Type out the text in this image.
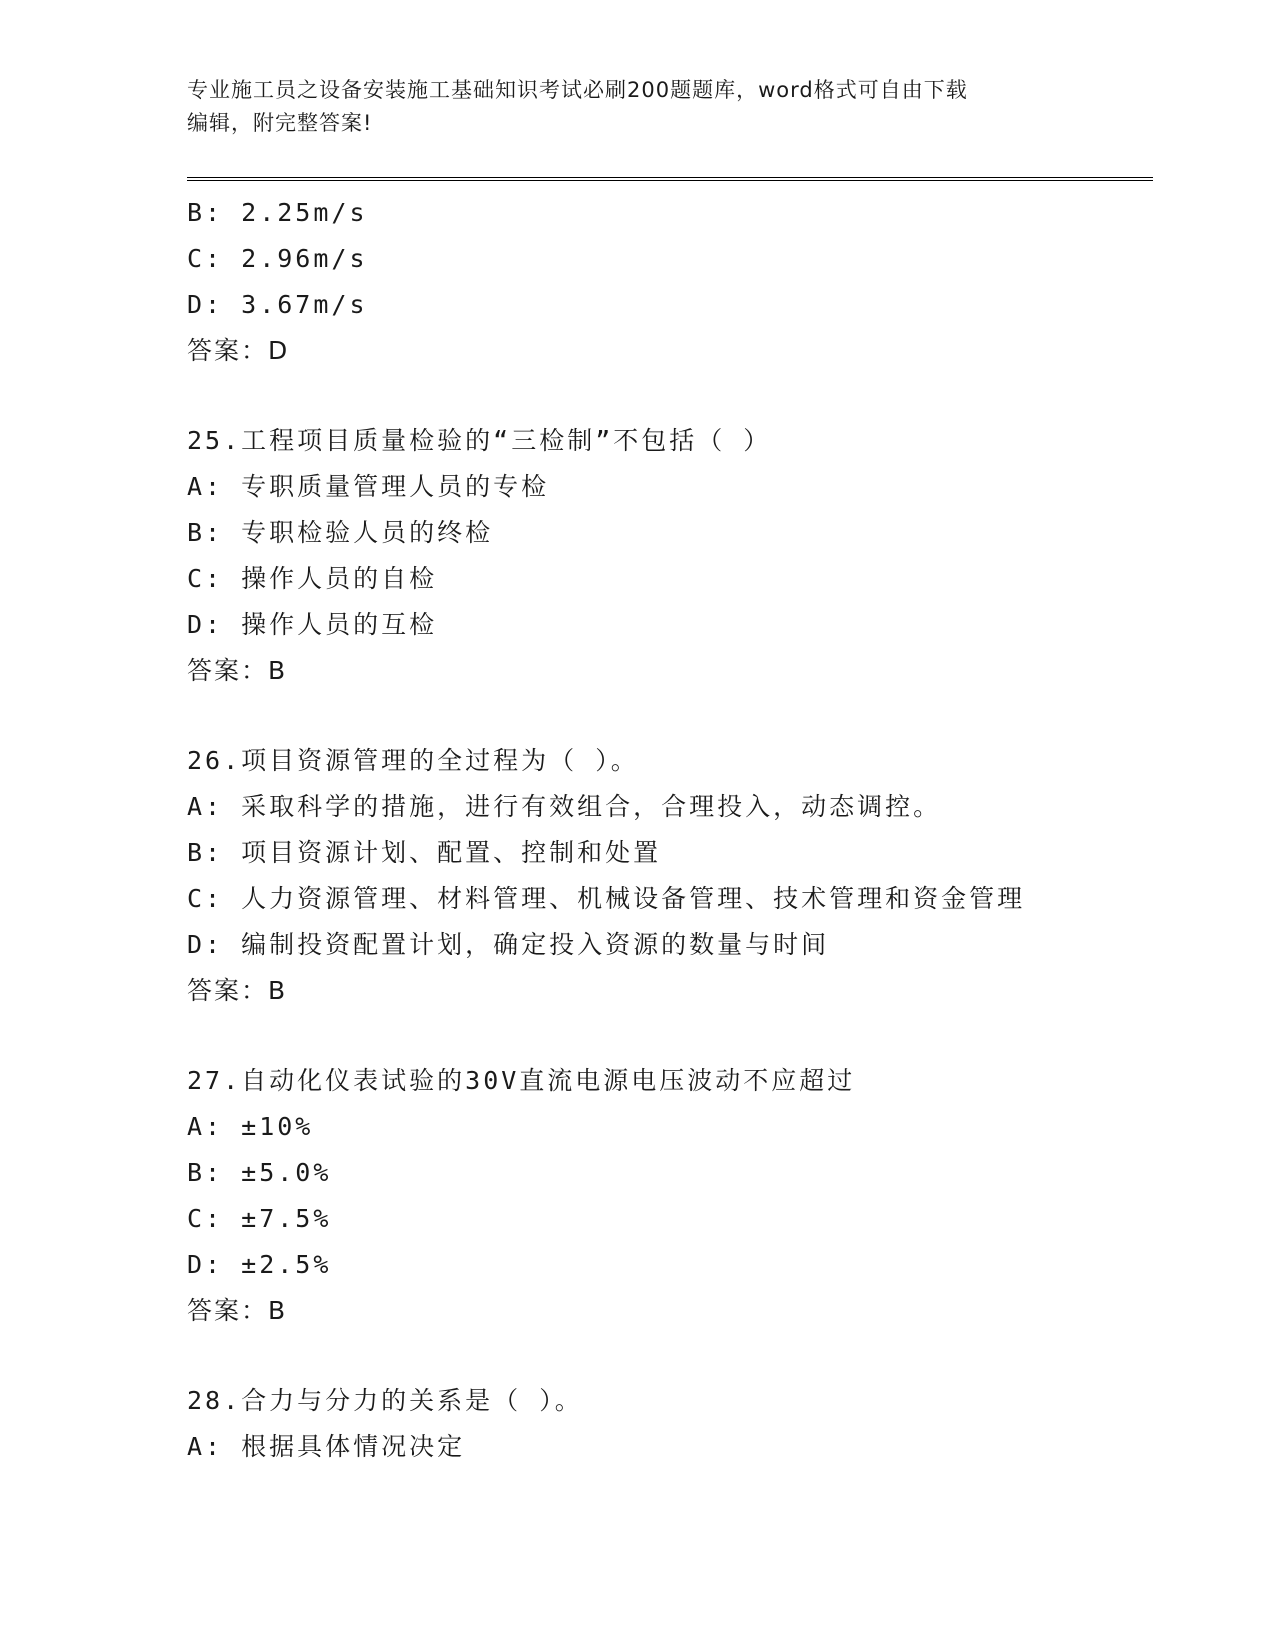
专业施工员之设备安装施工基础知识考试必刷200题题库，word格式可自由下载
编辑，附完整答案!
B: 2.25m/s
C: 2.96m/s
D: 3.67m/s
答案：D
25.工程项目质量检验的“三检制”不包括（ ）
A: 专职质量管理人员的专检
B: 专职检验人员的终检
C: 操作人员的自检
D: 操作人员的互检
答案：B
26.项目资源管理的全过程为（ ）。
A: 采取科学的措施，进行有效组合，合理投入，动态调控。
B: 项目资源计划、配置、控制和处置
C: 人力资源管理、材料管理、机械设备管理、技术管理和资金管理
D: 编制投资配置计划，确定投入资源的数量与时间
答案：B
27.自动化仪表试验的30V直流电源电压波动不应超过
A: ±10%
B: ±5.0%
C: ±7.5%
D: ±2.5%
答案：B
28.合力与分力的关系是（ ）。
A: 根据具体情况决定
